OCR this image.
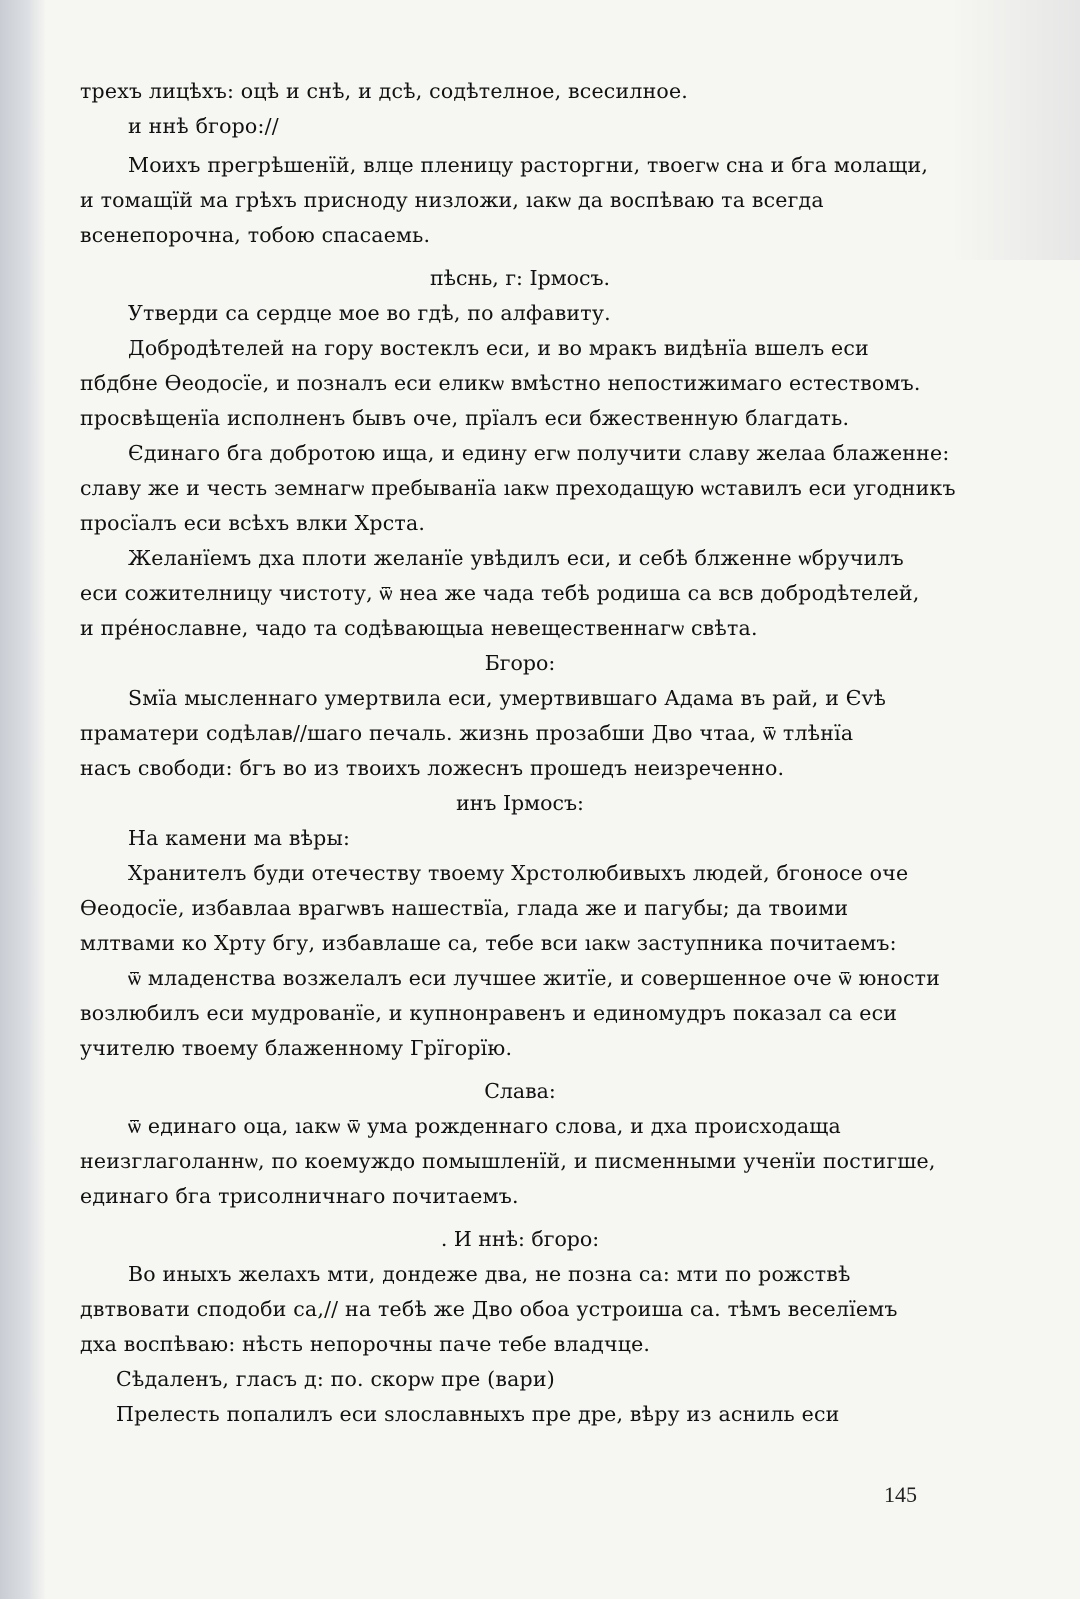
трехъ лицѣхъ: оцѣ и снѣ, и дсѣ, содѣтелное, всесилное.
и ннѣ бгоро://
Моихъ прегрѣшенїй, влце пленицу расторгни, твоегѡ сна и бга молащи,
и томащїй ма грѣхъ присноду низложи, ıакѡ да воспѣваю та всегда
всенепорочна, тобою спасаемь.
пѣснь, г: Ірмосъ.
Утверди са сердце мое во гдѣ, по алфавиту.
Добродѣтелей на гору востеклъ еси, и во мракъ видѣнїа вшелъ еси
пбдбне Ѳеодосїе, и позналъ еси еликѡ вмѣстно непостижимаго естествомъ.
просвѣщенїа исполненъ бывъ оче, прїалъ еси бжественную благдать.
Єдинаго бга добротою ища, и едину егѡ получити славу желаа блаженне:
славу же и честь земнагѡ пребыванїа ıакѡ преходащую ѡставилъ еси угодникъ
просїалъ еси всѣхъ влки Хрста.
Желанїемъ дха плоти желанїе увѣдилъ еси, и себѣ блженне ѡбручилъ
еси сожителницу чистоту, ѿ неа же чада тебѣ родиша са всв добродѣтелей,
и пре́нославне, чадо та содѣвающыа невещественнагѡ свѣта.
Бгоро:
Ѕмїа мысленнаго умертвила еси, умертвившаго Адама въ рай, и Єvѣ
праматери содѣлав//шаго печаль. жизнь прозабши Дво чтаа, ѿ тлѣнїа
насъ свободи: бгъ во из твоихъ ложеснъ прошедъ неизреченно.
инъ Ірмосъ:
На камени ма вѣры:
Хранителъ буди отечеству твоему Хрстолюбивыхъ людей, бгоносе оче
Ѳеодосїе, избавлаа врагѡвъ нашествїа, глада же и пагубы; да твоими
млтвами ко Хрту бгу, избавлаше са, тебе вси ıакѡ заступника почитаемъ:
ѿ младенства возжелалъ еси лучшее житїе, и совершенное оче ѿ юности
возлюбилъ еси мудрованїе, и купнонравенъ и единомудръ показал са еси
учителю твоему блаженному Грїгорїю.
Слава:
ѿ единаго оца, ıакѡ ѿ ума рожденнаго слова, и дха происходаща
неизглаголаннѡ, по коемуждо помышленїй, и писменными ученїи постигше,
единаго бга трисолничнаго почитаемъ.
. И ннѣ: бгоро:
Во иныхъ желахъ мти, дондеже два, не позна са: мти по рожствѣ
двтвовати сподоби са,// на тебѣ же Дво обоа устроиша са. тѣмъ веселїемъ
дха воспѣваю: нѣсть непорочны паче тебе владчце.
Сѣдаленъ, гласъ д: по. скорѡ пре (вари)
Прелесть попалилъ еси ѕлославныхъ пре дре, вѣру из асниль еси
145
